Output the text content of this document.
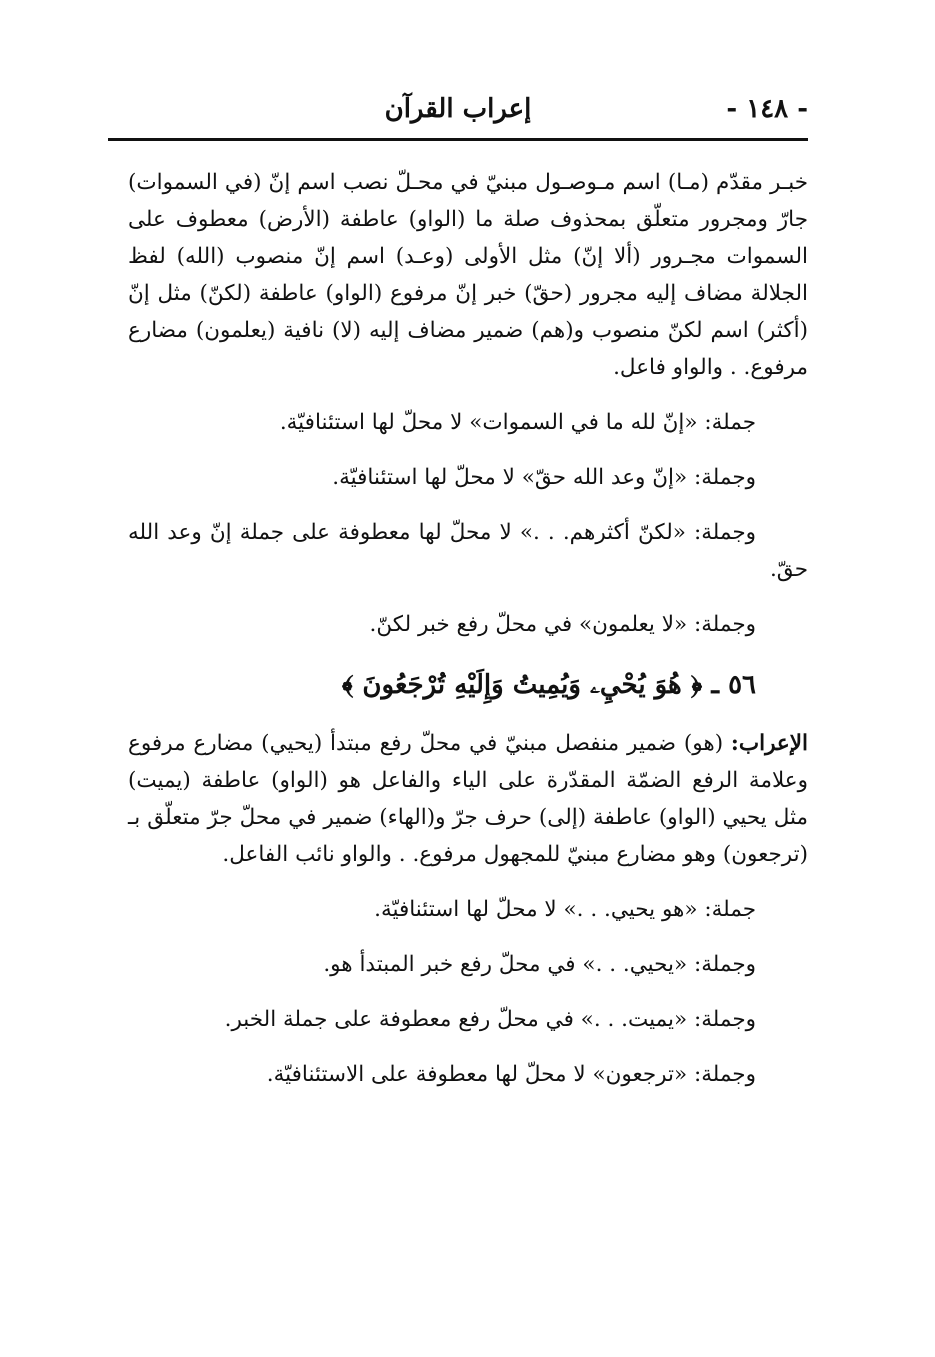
- ١٤٨ -
إعراب القرآن

خبـر مقدّم (مـا) اسم مـوصـول مبنيّ في محـلّ نصب اسم إنّ (في السموات) جارّ ومجرور متعلّق بمحذوف صلة ما (الواو) عاطفة (الأرض) معطوف على السموات مجـرور (ألا إنّ) مثل الأولى (وعـد) اسم إنّ منصوب (الله) لفظ الجلالة مضاف إليه مجرور (حقّ) خبر إنّ مرفوع (الواو) عاطفة (لكنّ) مثل إنّ (أكثر) اسم لكنّ منصوب و(هم) ضمير مضاف إليه (لا) نافية (يعلمون) مضارع مرفوع. . والواو فاعل.

جملة: «إنّ لله ما في السموات» لا محلّ لها استئنافيّة.

وجملة: «إنّ وعد الله حقّ» لا محلّ لها استئنافيّة.

وجملة: «لكنّ أكثرهم. . .» لا محلّ لها معطوفة على جملة إنّ وعد الله حقّ.

وجملة: «لا يعلمون» في محلّ رفع خبر لكنّ.

٥٦ ـ ﴿ هُوَ يُحْيِۦ وَيُمِيتُ وَإِلَيْهِ تُرْجَعُونَ ﴾

الإعراب: (هو) ضمير منفصل مبنيّ في محلّ رفع مبتدأ (يحيي) مضارع مرفوع وعلامة الرفع الضمّة المقدّرة على الياء والفاعل هو (الواو) عاطفة (يميت) مثل يحيي (الواو) عاطفة (إلى) حرف جرّ و(الهاء) ضمير في محلّ جرّ متعلّق بـ (ترجعون) وهو مضارع مبنيّ للمجهول مرفوع. . والواو نائب الفاعل.

جملة: «هو يحيي. . .» لا محلّ لها استئنافيّة.

وجملة: «يحيي. . .» في محلّ رفع خبر المبتدأ هو.

وجملة: «يميت. . .» في محلّ رفع معطوفة على جملة الخبر.

وجملة: «ترجعون» لا محلّ لها معطوفة على الاستئنافيّة.
